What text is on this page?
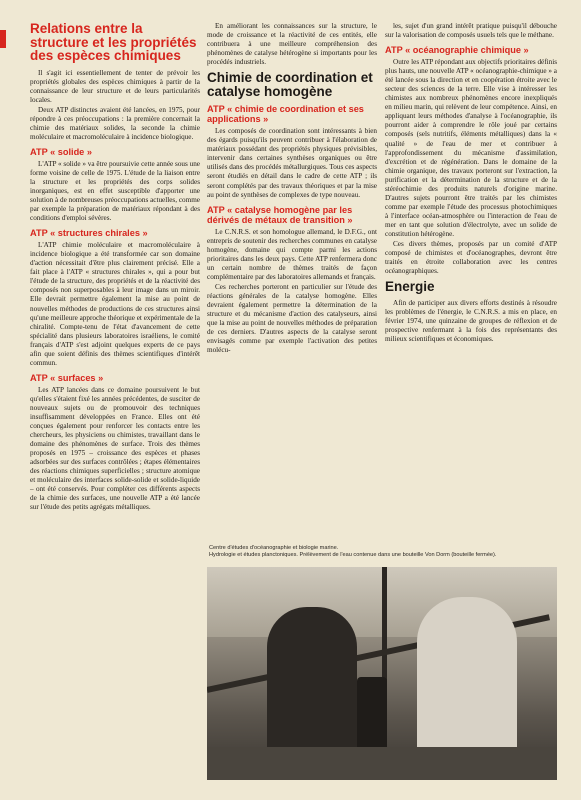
Relations entre la structure et les propriétés des espèces chimiques

Il s'agit ici essentiellement de tenter de prévoir les propriétés globales des espèces chimiques à partir de la connaissance de leur structure et de leurs particularités locales.

Deux ATP distinctes avaient été lancées, en 1975, pour répondre à ces préoccupations : la première concernait la chimie des matériaux solides, la seconde la chimie moléculaire et macromoléculaire à incidence biologique.

ATP « solide »

L'ATP « solide » va être poursuivie cette année sous une forme voisine de celle de 1975. L'étude de la liaison entre la structure et les propriétés des corps solides inorganiques, est en effet susceptible d'apporter une solution à de nombreuses préoccupations actuelles, comme par exemple la préparation de matériaux répondant à des conditions d'emploi sévères.

ATP « structures chirales »

L'ATP chimie moléculaire et macromoléculaire à incidence biologique a été transformée car son domaine d'action nécessitait d'être plus clairement précisé. Elle a fait place à l'ATP « structures chirales », qui a pour but l'étude de la structure, des propriétés et de la réactivité des composés non superposables à leur image dans un miroir. Elle devrait permettre également la mise au point de nouvelles méthodes de productions de ces structures ainsi qu'une meilleure approche théorique et expérimentale de la chiralité. Compte-tenu de l'état d'avancement de cette spécialité dans plusieurs laboratoires israéliens, le comité français d'ATP s'est adjoint quelques experts de ce pays afin que soient définis des thèmes scientifiques d'intérêt commun.

ATP « surfaces »

Les ATP lancées dans ce domaine poursuivent le but qu'elles s'étaient fixé les années précédentes, de susciter de nouveaux sujets ou de promouvoir des techniques insuffisamment développées en France. Elles ont été conçues également pour renforcer les contacts entre les chercheurs, les physiciens ou chimistes, travaillant dans le domaine des phénomènes de surface. Trois des thèmes proposés en 1975 – croissance des espèces et phases adsorbées sur des surfaces contrôlées ; étapes élémentaires des réactions chimiques superficielles ; structure atomique et moléculaire des interfaces solide-solide et solide-liquide – ont été conservés. Pour compléter ces différents aspects de la chimie des surfaces, une nouvelle ATP a été lancée sur l'étude des petits agrégats métalliques.

En améliorant les connaissances sur la structure, le mode de croissance et la réactivité de ces entités, elle contribuera à une meilleure compréhension des phénomènes de catalyse hétérogène si importants pour les procédés industriels.

Chimie de coordination et catalyse homogène
ATP « chimie de coordination et ses applications »

Les composés de coordination sont intéressants à bien des égards puisqu'ils peuvent contribuer à l'élaboration de matériaux possédant des propriétés physiques prévisibles, intervenir dans certaines synthèses organiques ou être utilisés dans des procédés métallurgiques. Tous ces aspects seront étudiés en détail dans le cadre de cette ATP ; ils seront complétés par des travaux théoriques et par la mise au point de synthèses de complexes de type nouveau.

ATP « catalyse homogène par les dérivés de métaux de transition »

Le C.N.R.S. et son homologue allemand, le D.F.G., ont entrepris de soutenir des recherches communes en catalyse homogène, domaine qui compte parmi les actions prioritaires dans les deux pays. Cette ATP renfermera donc un certain nombre de thèmes traités de façon complémentaire par des laboratoires allemands et français.

Ces recherches porteront en particulier sur l'étude des réactions générales de la catalyse homogène. Elles devraient également permettre la détermination de la structure et du mécanisme d'action des catalyseurs, ainsi que la mise au point de nouvelles méthodes de préparation de ces derniers. D'autres aspects de la catalyse seront envisagés comme par exemple l'activation des petites molécu-

les, sujet d'un grand intérêt pratique puisqu'il débouche sur la valorisation de composés usuels tels que le méthane.

ATP « océanographie chimique »

Outre les ATP répondant aux objectifs prioritaires définis plus hauts, une nouvelle ATP « océanographie-chimique » a été lancée sous la direction et en coopération étroite avec le secteur des sciences de la terre. Elle vise à intéresser les chimistes aux nombreux phénomènes encore inexpliqués en milieu marin, qui relèvent de leur compétence. Ainsi, en appliquant leurs méthodes d'analyse à l'océanographie, ils pourront aider à comprendre le rôle joué par certains composés (sels nutritifs, éléments métalliques) dans la « qualité » de l'eau de mer et contribuer à l'approfondissement du mécanisme d'assimilation, d'excrétion et de régénération. Dans le domaine de la chimie organique, des travaux porteront sur l'extraction, la purification et la détermination de la structure et de la stéréochimie des produits naturels d'origine marine. D'autres sujets pourront être traités par les chimistes comme par exemple l'étude des processus photochimiques à l'interface océan-atmosphère ou l'interaction de l'eau de mer en tant que solution d'électrolyte, avec un solide de constitution hétérogène.

Ces divers thèmes, proposés par un comité d'ATP composé de chimistes et d'océanographes, devront être traités en étroite collaboration avec les centres océanographiques.

Energie

Afin de participer aux divers efforts destinés à résoudre les problèmes de l'énergie, le C.N.R.S. a mis en place, en février 1974, une quinzaine de groupes de réflexion et de prospective renfermant à la fois des représentants des milieux scientifiques et économiques.

Centre d'études d'océanographie et biologie marine.
Hydrologie et études planctoniques. Prélèvement de l'eau contenue dans une bouteille Von Dorm (bouteille fermée).
